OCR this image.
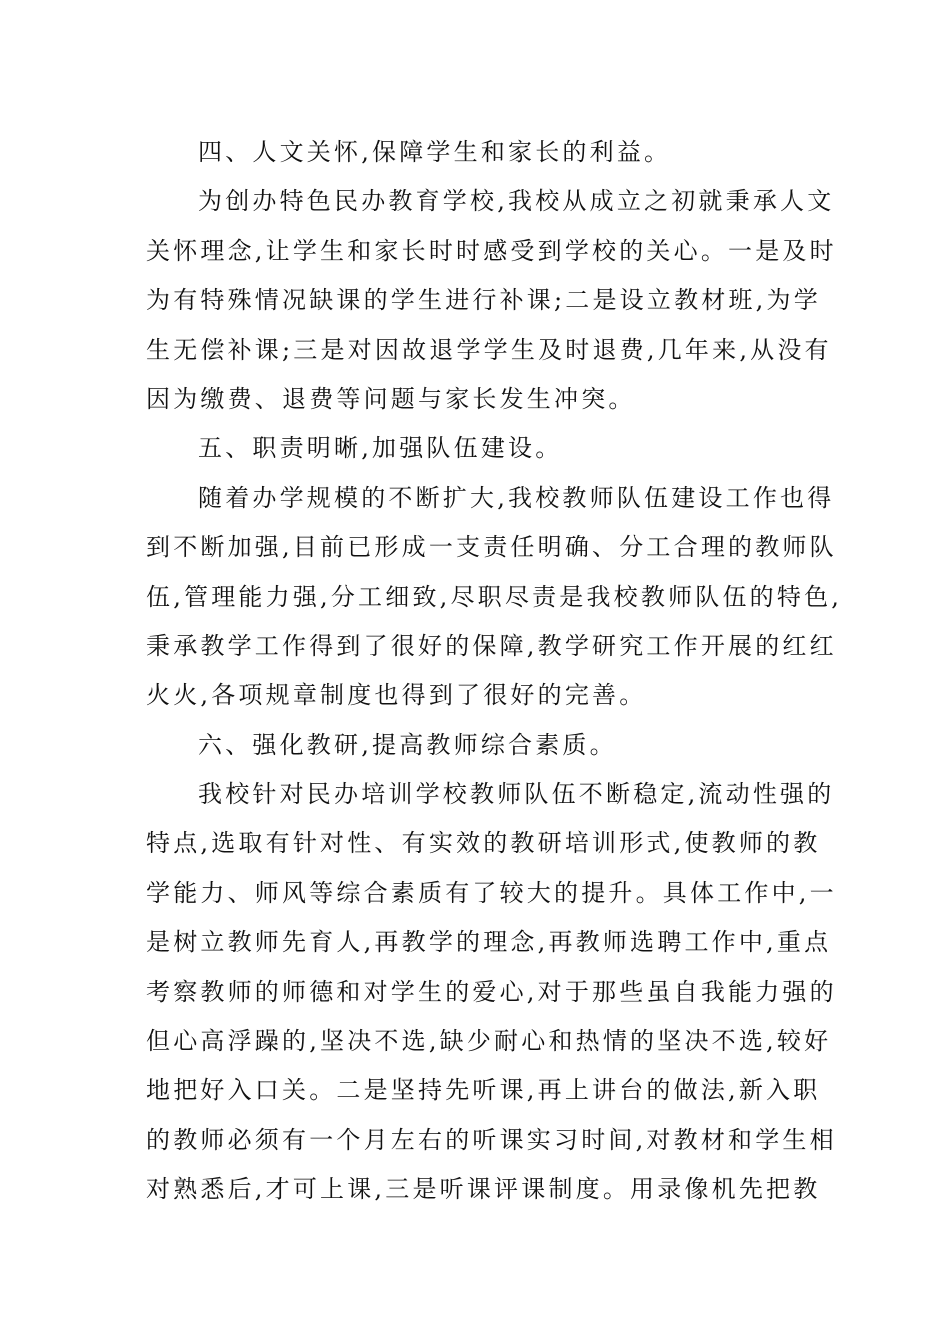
四、人文关怀,保障学生和家长的利益。
为创办特色民办教育学校,我校从成立之初就秉承人文
关怀理念,让学生和家长时时感受到学校的关心。一是及时
为有特殊情况缺课的学生进行补课;二是设立教材班,为学
生无偿补课;三是对因故退学学生及时退费,几年来,从没有
因为缴费、退费等问题与家长发生冲突。
五、职责明晰,加强队伍建设。
随着办学规模的不断扩大,我校教师队伍建设工作也得
到不断加强,目前已形成一支责任明确、分工合理的教师队
伍,管理能力强,分工细致,尽职尽责是我校教师队伍的特色,
秉承教学工作得到了很好的保障,教学研究工作开展的红红
火火,各项规章制度也得到了很好的完善。
六、强化教研,提高教师综合素质。
我校针对民办培训学校教师队伍不断稳定,流动性强的
特点,选取有针对性、有实效的教研培训形式,使教师的教
学能力、师风等综合素质有了较大的提升。具体工作中,一
是树立教师先育人,再教学的理念,再教师选聘工作中,重点
考察教师的师德和对学生的爱心,对于那些虽自我能力强的
但心高浮躁的,坚决不选,缺少耐心和热情的坚决不选,较好
地把好入口关。二是坚持先听课,再上讲台的做法,新入职
的教师必须有一个月左右的听课实习时间,对教材和学生相
对熟悉后,才可上课,三是听课评课制度。用录像机先把教
